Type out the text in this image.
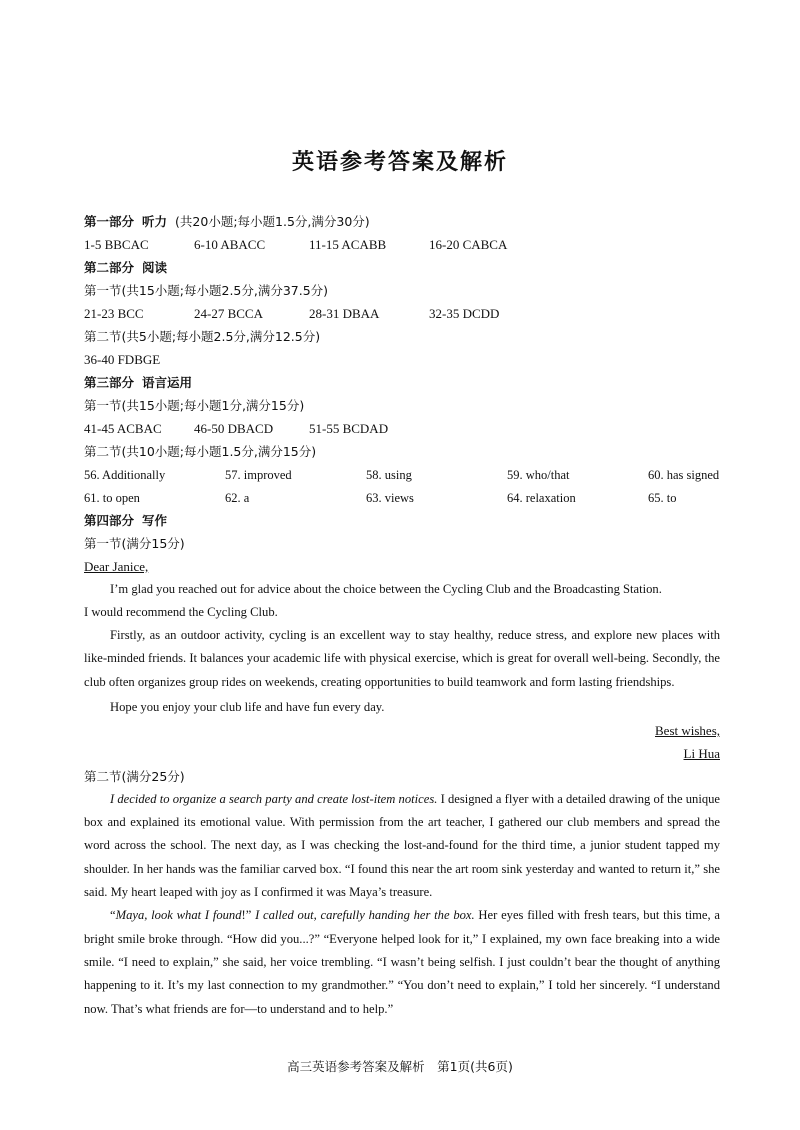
英语参考答案及解析
第一部分 听力 (共20小题;每小题1.5分,满分30分)
1-5 BBCAC	6-10 ABACC	11-15 ACABB	16-20 CABCA
第二部分 阅读
第一节(共15小题;每小题2.5分,满分37.5分)
21-23 BCC	24-27 BCCA	28-31 DBAA	32-35 DCDD
第二节(共5小题;每小题2.5分,满分12.5分)
36-40 FDBGE
第三部分 语言运用
第一节(共15小题;每小题1分,满分15分)
41-45 ACBAC	46-50 DBACD	51-55 BCDAD
第二节(共10小题;每小题1.5分,满分15分)
56. Additionally	57. improved	58. using	59. who/that	60. has signed
61. to open	62. a	63. views	64. relaxation	65. to
第四部分 写作
第一节(满分15分)
Dear Janice,
I’m glad you reached out for advice about the choice between the Cycling Club and the Broadcasting Station.
I would recommend the Cycling Club.
Firstly, as an outdoor activity, cycling is an excellent way to stay healthy, reduce stress, and explore new places with like-minded friends. It balances your academic life with physical exercise, which is great for overall well-being. Secondly, the club often organizes group rides on weekends, creating opportunities to build teamwork and form lasting friendships.
Hope you enjoy your club life and have fun every day.
Best wishes,
Li Hua
第二节(满分25分)
I decided to organize a search party and create lost-item notices. I designed a flyer with a detailed drawing of the unique box and explained its emotional value. With permission from the art teacher, I gathered our club members and spread the word across the school. The next day, as I was checking the lost-and-found for the third time, a junior student tapped my shoulder. In her hands was the familiar carved box. “I found this near the art room sink yesterday and wanted to return it,” she said. My heart leaped with joy as I confirmed it was Maya’s treasure.
“Maya, look what I found!” I called out, carefully handing her the box. Her eyes filled with fresh tears, but this time, a bright smile broke through. “How did you...?” “Everyone helped look for it,” I explained, my own face breaking into a wide smile. “I need to explain,” she said, her voice trembling. “I wasn’t being selfish. I just couldn’t bear the thought of anything happening to it. It’s my last connection to my grandmother.” “You don’t need to explain,” I told her sincerely. “I understand now. That’s what friends are for—to understand and to help.”
高三英语参考答案及解析　第1页(共6页)
